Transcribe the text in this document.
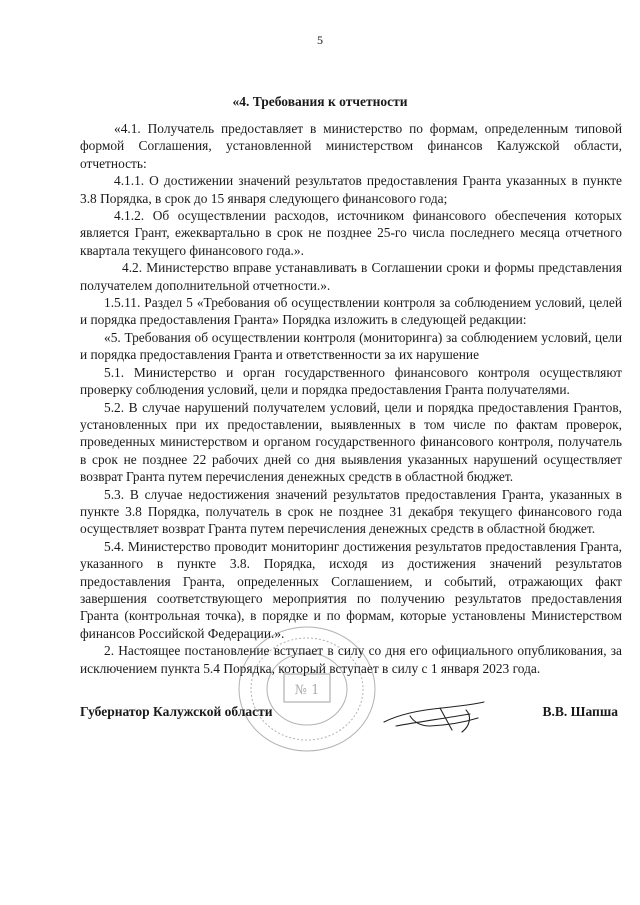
5
«4. Требования к отчетности

«4.1. Получатель предоставляет в министерство по формам, определенным типовой формой Соглашения, установленной министерством финансов Калужской области, отчетность:

4.1.1. О достижении значений результатов предоставления Гранта указанных в пункте 3.8 Порядка, в срок до 15 января следующего финансового года;

4.1.2. Об осуществлении расходов, источником финансового обеспечения которых является Грант, ежеквартально в срок не позднее 25-го числа последнего месяца отчетного квартала текущего финансового года.».

4.2. Министерство вправе устанавливать в Соглашении сроки и формы представления получателем дополнительной отчетности.».

1.5.11. Раздел 5 «Требования об осуществлении контроля за соблюдением условий, целей и порядка предоставления Гранта» Порядка изложить в следующей редакции:

«5. Требования об осуществлении контроля (мониторинга) за соблюдением условий, цели и порядка предоставления Гранта и ответственности за их нарушение

5.1. Министерство и орган государственного финансового контроля осуществляют проверку соблюдения условий, цели и порядка предоставления Гранта получателями.

5.2. В случае нарушений получателем условий, цели и порядка предоставления Грантов, установленных при их предоставлении, выявленных в том числе по фактам проверок, проведенных министерством и органом государственного финансового контроля, получатель в срок не позднее 22 рабочих дней со дня выявления указанных нарушений осуществляет возврат Гранта путем перечисления денежных средств в областной бюджет.

5.3. В случае недостижения значений результатов предоставления Гранта, указанных в пункте 3.8 Порядка, получатель в срок не позднее 31 декабря текущего финансового года осуществляет возврат Гранта путем перечисления денежных средств в областной бюджет.

5.4. Министерство проводит мониторинг достижения результатов предоставления Гранта, указанного в пункте 3.8. Порядка, исходя из достижения значений результатов предоставления Гранта, определенных Соглашением, и событий, отражающих факт завершения соответствующего мероприятия по получению результатов предоставления Гранта (контрольная точка), в порядке и по формам, которые установлены Министерством финансов Российской Федерации.».

2. Настоящее постановление вступает в силу со дня его официального опубликования, за исключением пункта 5.4 Порядка, который вступает в силу с 1 января 2023 года.

№ 1
Губернатор Калужской области	В.В. Шапша
